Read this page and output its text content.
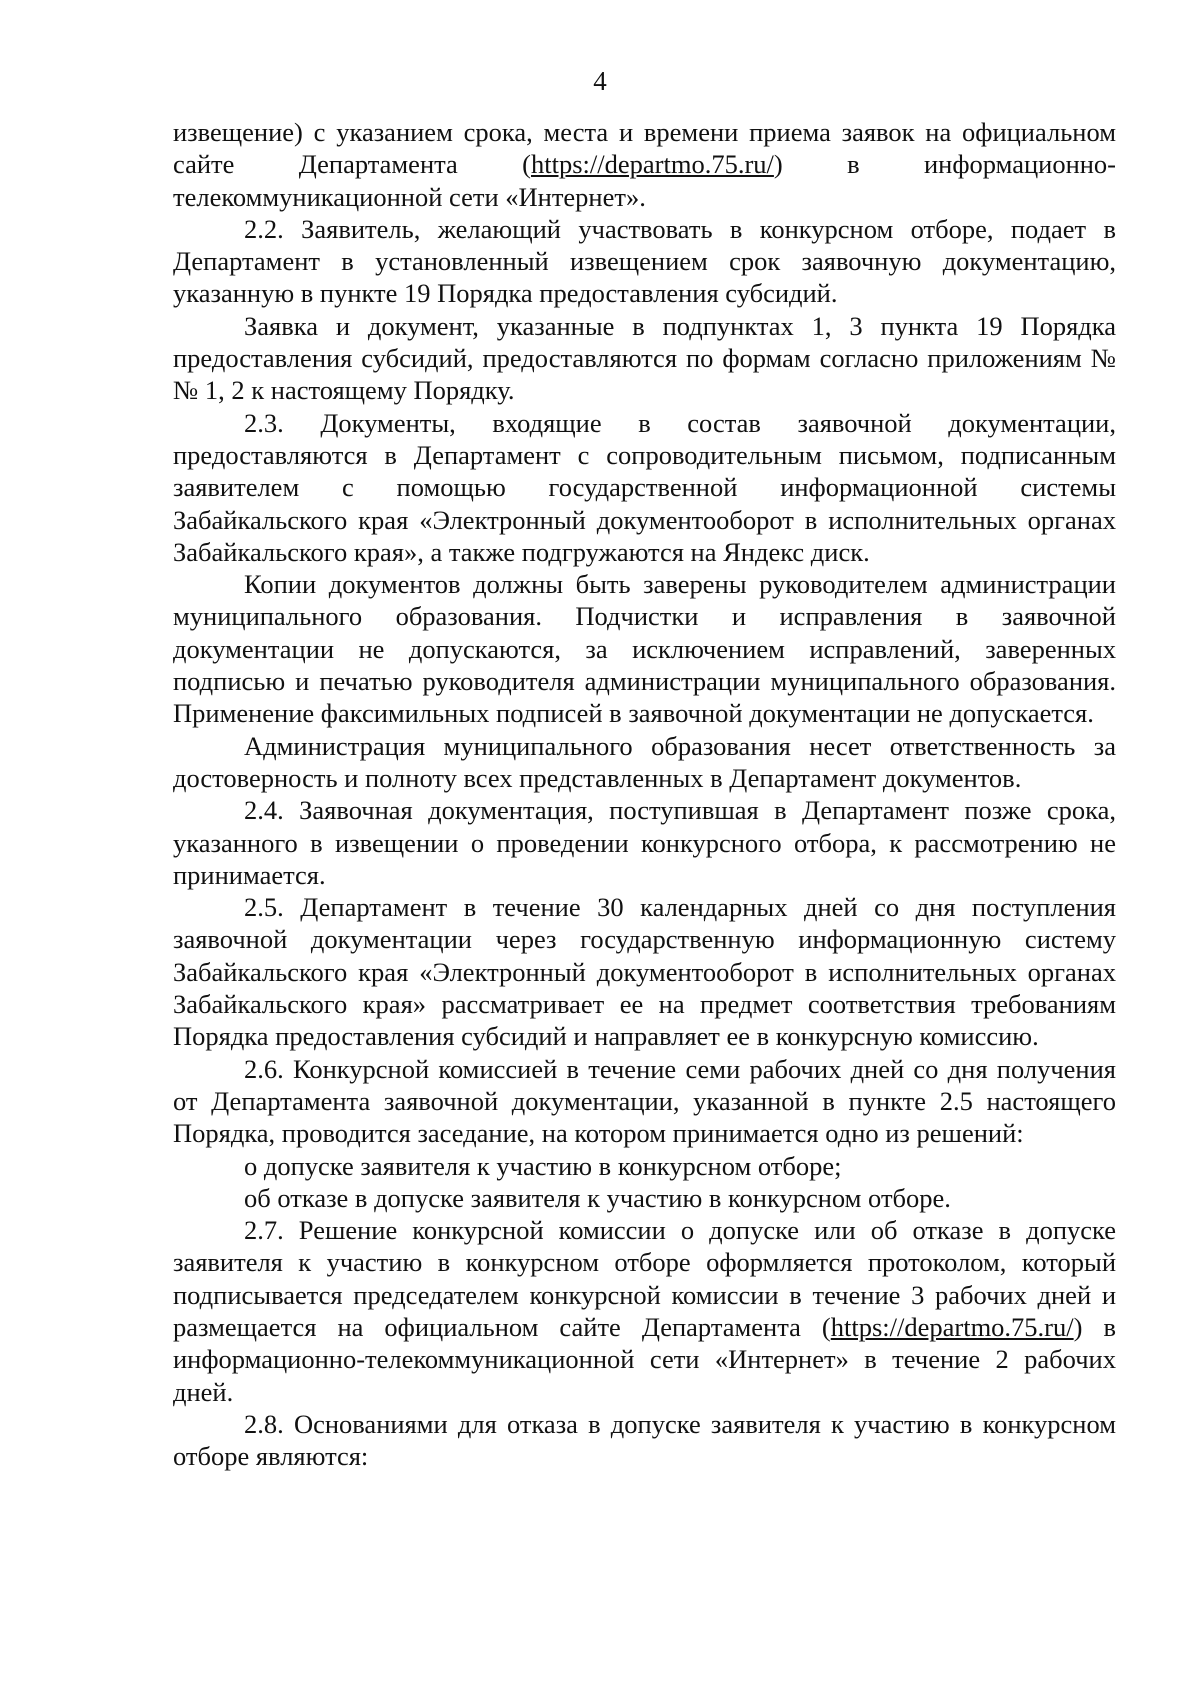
4

извещение) с указанием срока, места и времени приема заявок на официальном сайте Департамента (https://departmo.75.ru/) в информационно-телекоммуникационной сети «Интернет».

2.2. Заявитель, желающий участвовать в конкурсном отборе, подает в Департамент в установленный извещением срок заявочную документацию, указанную в пункте 19 Порядка предоставления субсидий.

Заявка и документ, указанные в подпунктах 1, 3 пункта 19 Порядка предоставления субсидий, предоставляются по формам согласно приложениям №№ 1, 2 к настоящему Порядку.

2.3. Документы, входящие в состав заявочной документации, предоставляются в Департамент с сопроводительным письмом, подписанным заявителем с помощью государственной информационной системы Забайкальского края «Электронный документооборот в исполнительных органах Забайкальского края», а также подгружаются на Яндекс диск.

Копии документов должны быть заверены руководителем администрации муниципального образования. Подчистки и исправления в заявочной документации не допускаются, за исключением исправлений, заверенных подписью и печатью руководителя администрации муниципального образования. Применение факсимильных подписей в заявочной документации не допускается.

Администрация муниципального образования несет ответственность за достоверность и полноту всех представленных в Департамент документов.

2.4. Заявочная документация, поступившая в Департамент позже срока, указанного в извещении о проведении конкурсного отбора, к рассмотрению не принимается.

2.5. Департамент в течение 30 календарных дней со дня поступления заявочной документации через государственную информационную систему Забайкальского края «Электронный документооборот в исполнительных органах Забайкальского края» рассматривает ее на предмет соответствия требованиям Порядка предоставления субсидий и направляет ее в конкурсную комиссию.

2.6. Конкурсной комиссией в течение семи рабочих дней со дня получения от Департамента заявочной документации, указанной в пункте 2.5 настоящего Порядка, проводится заседание, на котором принимается одно из решений:

о допуске заявителя к участию в конкурсном отборе;

об отказе в допуске заявителя к участию в конкурсном отборе.

2.7. Решение конкурсной комиссии о допуске или об отказе в допуске заявителя к участию в конкурсном отборе оформляется протоколом, который подписывается председателем конкурсной комиссии в течение 3 рабочих дней и размещается на официальном сайте Департамента (https://departmo.75.ru/) в информационно-телекоммуникационной сети «Интернет» в течение 2 рабочих дней.

2.8. Основаниями для отказа в допуске заявителя к участию в конкурсном отборе являются:
